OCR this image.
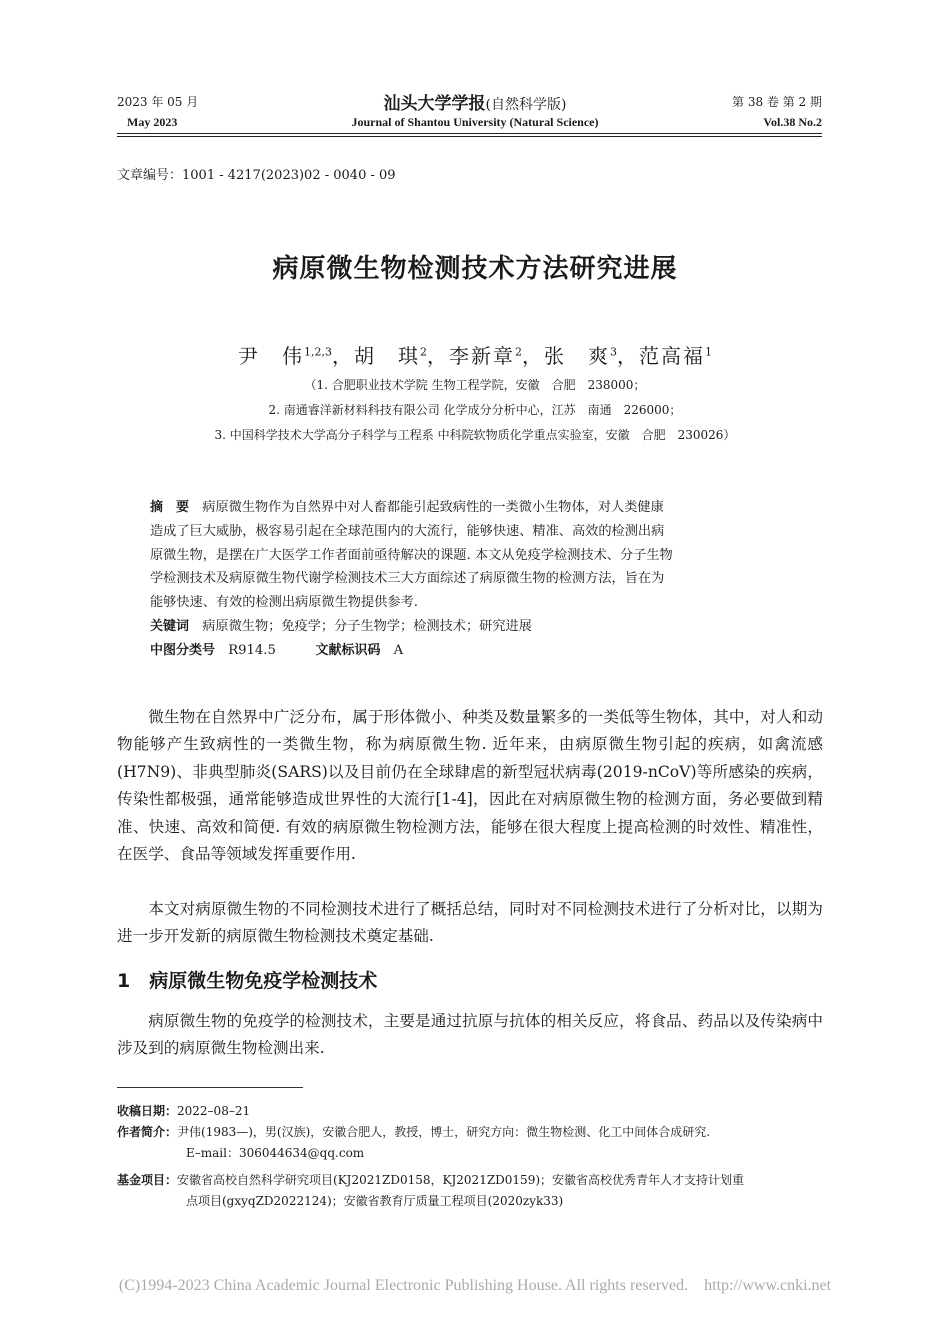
2023 年 05 月
May 2023
汕头大学学报(自然科学版)
Journal of Shantou University (Natural Science)
第 38 卷 第 2 期
Vol.38 No.2
文章编号：1001 - 4217(2023)02 - 0040 - 09
病原微生物检测技术方法研究进展
尹　伟$^{1,2,3}$，胡　琪$^2$，李新章$^2$，张　爽$^3$，范高福$^1$
（1. 合肥职业技术学院 生物工程学院，安徽　合肥　238000；
2. 南通睿洋新材料科技有限公司 化学成分分析中心，江苏　南通　226000；
3. 中国科学技术大学高分子科学与工程系 中科院软物质化学重点实验室，安徽　合肥　230026）
摘　要　 病原微生物作为自然界中对人畜都能引起致病性的一类微小生物体，对人类健康
造成了巨大威胁，极容易引起在全球范围内的大流行，能够快速、精准、高效的检测出病
原微生物，是摆在广大医学工作者面前亟待解决的课题. 本文从免疫学检测技术、分子生物
学检测技术及病原微生物代谢学检测技术三大方面综述了病原微生物的检测方法，旨在为
能够快速、有效的检测出病原微生物提供参考.
关键词　 病原微生物；免疫学；分子生物学；检测技术；研究进展
中图分类号　 R914.5　　　	文献标识码　 A
微生物在自然界中广泛分布，属于形体微小、种类及数量繁多的一类低等生物体，其中，对人和动物能够产生致病性的一类微生物，称为病原微生物. 近年来，由病原微生物引起的疾病，如禽流感(H7N9)、非典型肺炎(SARS)以及目前仍在全球肆虐的新型冠状病毒(2019-nCoV)等所感染的疾病，传染性都极强，通常能够造成世界性的大流行[1-4]，因此在对病原微生物的检测方面，务必要做到精准、快速、高效和简便. 有效的病原微生物检测方法，能够在很大程度上提高检测的时效性、精准性，在医学、食品等领域发挥重要作用.
本文对病原微生物的不同检测技术进行了概括总结，同时对不同检测技术进行了分析对比，以期为进一步开发新的病原微生物检测技术奠定基础.
1　 病原微生物免疫学检测技术
病原微生物的免疫学的检测技术，主要是通过抗原与抗体的相关反应，将食品、药品以及传染病中涉及到的病原微生物检测出来.
收稿日期：2022–08–21
作者简介：尹伟(1983—)，男(汉族)，安徽合肥人，教授，博士，研究方向：微生物检测、化工中间体合成研究.
E–mail：306044634@qq.com
基金项目：安徽省高校自然科学研究项目(KJ2021ZD0158，KJ2021ZD0159)；安徽省高校优秀青年人才支持计划重
点项目(gxyqZD2022124)；安徽省教育厅质量工程项目(2020zyk33)
(C)1994-2023 China Academic Journal Electronic Publishing House. All rights reserved.　http://www.cnki.net
